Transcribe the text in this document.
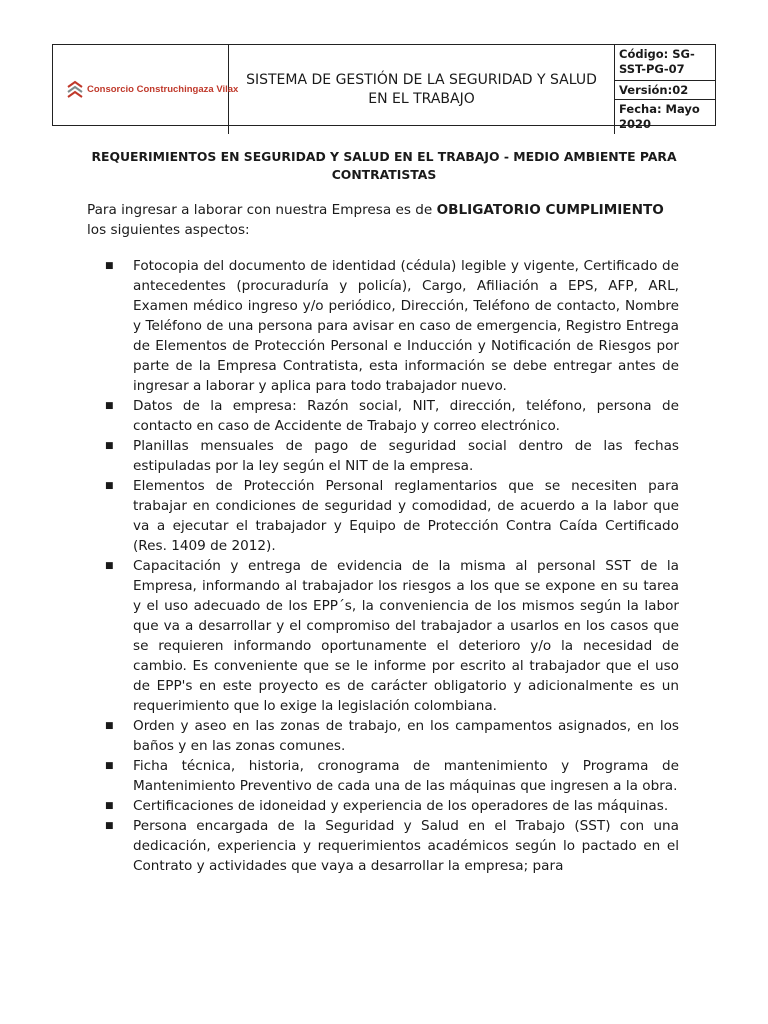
Consorcio Construchingaza Vilax
SISTEMA DE GESTIÓN DE LA SEGURIDAD Y SALUD EN EL TRABAJO
Código: SG-SST-PG-07
Versión:02
Fecha: Mayo 2020
REQUERIMIENTOS EN SEGURIDAD Y SALUD EN EL TRABAJO - MEDIO AMBIENTE PARA CONTRATISTAS
Para ingresar a laborar con nuestra Empresa es de OBLIGATORIO CUMPLIMIENTO los siguientes aspectos:
■ Fotocopia del documento de identidad (cédula) legible y vigente, Certificado de antecedentes (procuraduría y policía), Cargo, Afiliación a EPS, AFP, ARL, Examen médico ingreso y/o periódico, Dirección, Teléfono de contacto, Nombre y Teléfono de una persona para avisar en caso de emergencia, Registro Entrega de Elementos de Protección Personal e Inducción y Notificación de Riesgos por parte de la Empresa Contratista, esta información se debe entregar antes de ingresar a laborar y aplica para todo trabajador nuevo.
■ Datos de la empresa: Razón social, NIT, dirección, teléfono, persona de contacto en caso de Accidente de Trabajo y correo electrónico.
■ Planillas mensuales de pago de seguridad social dentro de las fechas estipuladas por la ley según el NIT de la empresa.
■ Elementos de Protección Personal reglamentarios que se necesiten para trabajar en condiciones de seguridad y comodidad, de acuerdo a la labor que va a ejecutar el trabajador y Equipo de Protección Contra Caída Certificado (Res. 1409 de 2012).
■ Capacitación y entrega de evidencia de la misma al personal SST de la Empresa, informando al trabajador los riesgos a los que se expone en su tarea y el uso adecuado de los EPP´s, la conveniencia de los mismos según la labor que va a desarrollar y el compromiso del trabajador a usarlos en los casos que se requieren informando oportunamente el deterioro y/o la necesidad de cambio. Es conveniente que se le informe por escrito al trabajador que el uso de EPP's en este proyecto es de carácter obligatorio y adicionalmente es un requerimiento que lo exige la legislación colombiana.
■ Orden y aseo en las zonas de trabajo, en los campamentos asignados, en los baños y en las zonas comunes.
■ Ficha técnica, historia, cronograma de mantenimiento y Programa de Mantenimiento Preventivo de cada una de las máquinas que ingresen a la obra.
■ Certificaciones de idoneidad y experiencia de los operadores de las máquinas.
■ Persona encargada de la Seguridad y Salud en el Trabajo (SST) con una dedicación, experiencia y requerimientos académicos según lo pactado en el Contrato y actividades que vaya a desarrollar la empresa; para
